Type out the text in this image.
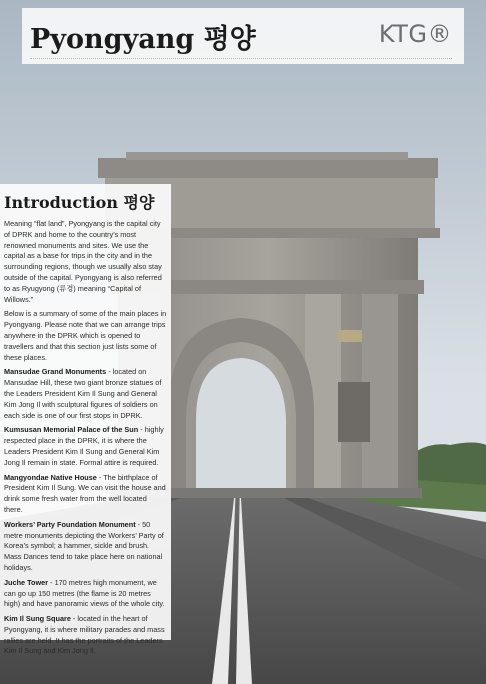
Pyongyang 평양	KTG®
Introduction 평양

Meaning “flat land”, Pyongyang is the capital city of DPRK and home to the country’s most renowned monuments and sites. We use the capital as a base for trips in the city and in the surrounding regions, though we usually also stay outside of the capital. Pyongyang is also referred to as Ryugyong (류경) meaning “Capital of Willows.”

Below is a summary of some of the main places in Pyongyang. Please note that we can arrange trips anywhere in the DPRK which is opened to travellers and that this section just lists some of these places.

Mansudae Grand Monuments - located on Mansudae Hill, these two giant bronze statues of the Leaders President Kim Il Sung and General Kim Jong Il with sculptural figures of soldiers on each side is one of our first stops in DPRK.

Kumsusan Memorial Palace of the Sun - highly respected place in the DPRK, it is where the Leaders President Kim Il Sung and General Kim Jong Il remain in state. Formal attire is required.

Mangyondae Native House - The birthplace of President Kim Il Sung. We can visit the house and drink some fresh water from the well located there.

Workers’ Party Foundation Monument - 50 metre monuments depicting the Workers’ Party of Korea’s symbol; a hammer, sickle and brush. Mass Dances tend to take place here on national holidays.

Juche Tower - 170 metres high monument, we can go up 150 metres (the flame is 20 metres high) and have panoramic views of the whole city.

Kim Il Sung Square - located in the heart of Pyongyang, it is where military parades and mass rallies are held. It has the portraits of the Leaders Kim Il Sung and Kim Jong Il.
